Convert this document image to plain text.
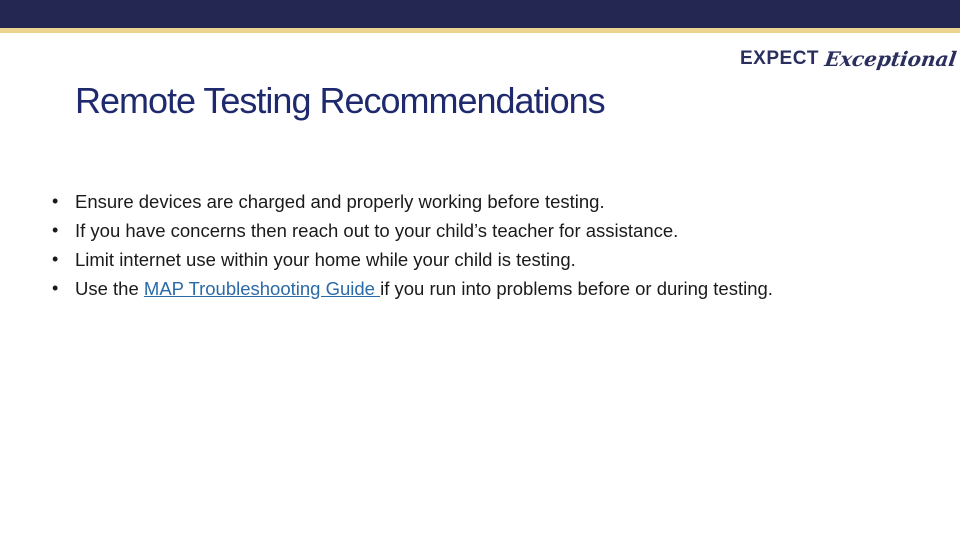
EXPECT Exceptional
Remote Testing Recommendations
• Ensure devices are charged and properly working before testing.
• If you have concerns then reach out to your child’s teacher for assistance.
• Limit internet use within your home while your child is testing.
• Use the MAP Troubleshooting Guide if you run into problems before or during testing.
